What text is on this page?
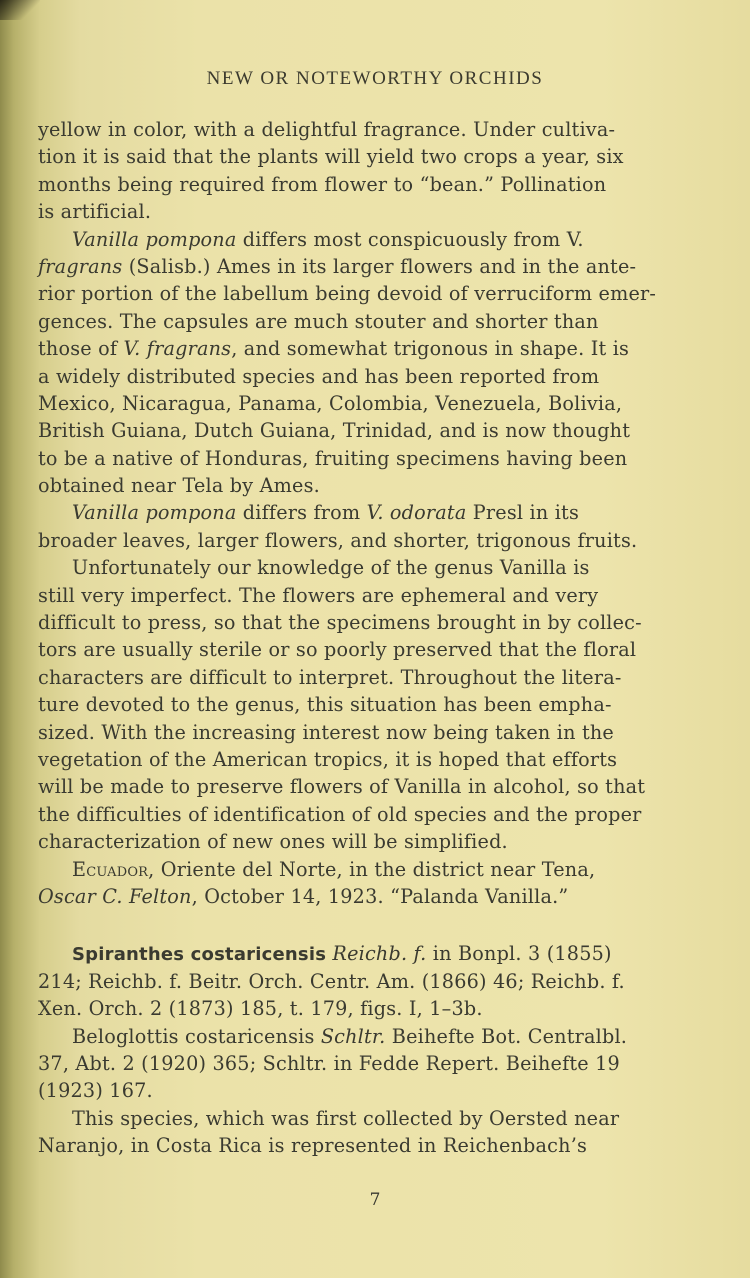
NEW OR NOTEWORTHY ORCHIDS
yellow in color, with a delightful fragrance. Under cultiva-
tion it is said that the plants will yield two crops a year, six
months being required from flower to “bean.” Pollination
is artificial.
Vanilla pompona differs most conspicuously from V.
fragrans (Salisb.) Ames in its larger flowers and in the ante-
rior portion of the labellum being devoid of verruciform emer-
gences. The capsules are much stouter and shorter than
those of V. fragrans, and somewhat trigonous in shape. It is
a widely distributed species and has been reported from
Mexico, Nicaragua, Panama, Colombia, Venezuela, Bolivia,
British Guiana, Dutch Guiana, Trinidad, and is now thought
to be a native of Honduras, fruiting specimens having been
obtained near Tela by Ames.
Vanilla pompona differs from V. odorata Presl in its
broader leaves, larger flowers, and shorter, trigonous fruits.
Unfortunately our knowledge of the genus Vanilla is
still very imperfect. The flowers are ephemeral and very
difficult to press, so that the specimens brought in by collec-
tors are usually sterile or so poorly preserved that the floral
characters are difficult to interpret. Throughout the litera-
ture devoted to the genus, this situation has been empha-
sized. With the increasing interest now being taken in the
vegetation of the American tropics, it is hoped that efforts
will be made to preserve flowers of Vanilla in alcohol, so that
the difficulties of identification of old species and the proper
characterization of new ones will be simplified.
Ecuador, Oriente del Norte, in the district near Tena,
Oscar C. Felton, October 14, 1923. “Palanda Vanilla.”
Spiranthes costaricensis Reichb. f. in Bonpl. 3 (1855)
214; Reichb. f. Beitr. Orch. Centr. Am. (1866) 46; Reichb. f.
Xen. Orch. 2 (1873) 185, t. 179, figs. I, 1–3b.
Beloglottis costaricensis Schltr. Beihefte Bot. Centralbl.
37, Abt. 2 (1920) 365; Schltr. in Fedde Repert. Beihefte 19
(1923) 167.
This species, which was first collected by Oersted near
Naranjo, in Costa Rica is represented in Reichenbach’s
7
